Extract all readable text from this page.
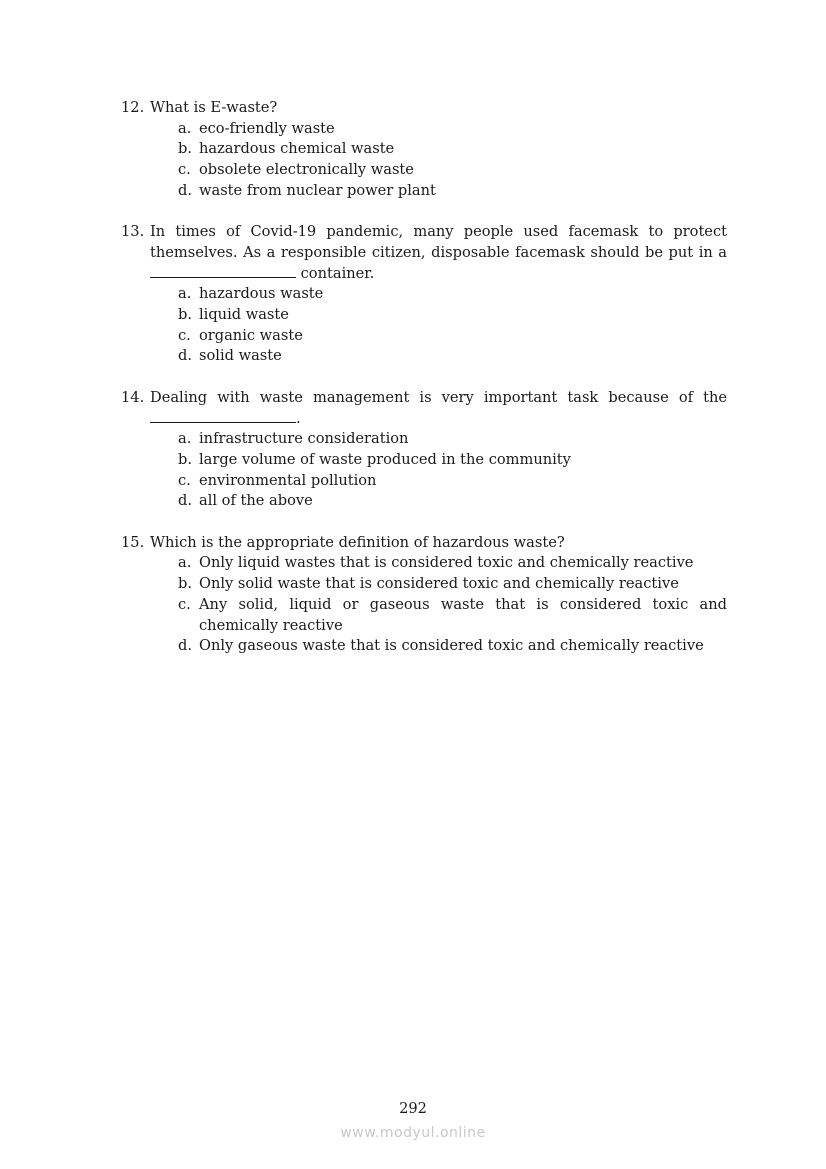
12. What is E-waste?
a. eco-friendly waste
b. hazardous chemical waste
c. obsolete electronically waste
d. waste from nuclear power plant
13. In times of Covid-19 pandemic, many people used facemask to protect themselves. As a responsible citizen, disposable facemask should be put in a  container.
a. hazardous waste
b. liquid waste
c. organic waste
d. solid waste
14. Dealing with waste management is very important task because of the .
a. infrastructure consideration
b. large volume of waste produced in the community
c. environmental pollution
d. all of the above
15. Which is the appropriate definition of hazardous waste?
a. Only liquid wastes that is considered toxic and chemically reactive
b. Only solid waste that is considered toxic and chemically reactive
c. Any solid, liquid or gaseous waste that is considered toxic and chemically reactive
d. Only gaseous waste that is considered toxic and chemically reactive
292
www.modyul.online
